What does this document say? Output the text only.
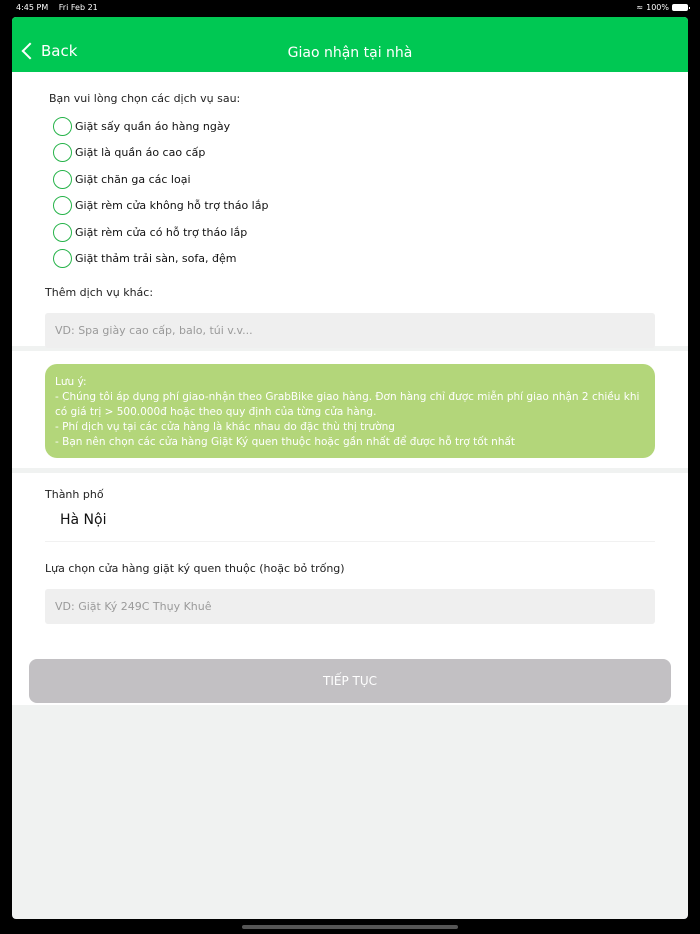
4:45 PM Fri Feb 21	≈ 100%
Back	Giao nhận tại nhà
Bạn vui lòng chọn các dịch vụ sau:
Giặt sấy quần áo hàng ngày
Giặt là quần áo cao cấp
Giặt chăn ga các loại
Giặt rèm cửa không hỗ trợ tháo lắp
Giặt rèm cửa có hỗ trợ tháo lắp
Giặt thảm trải sàn, sofa, đệm
Thêm dịch vụ khác:
VD: Spa giày cao cấp, balo, túi v.v...
Lưu ý:
- Chúng tôi áp dụng phí giao-nhận theo GrabBike giao hàng. Đơn hàng chỉ được miễn phí giao nhận 2 chiều khi có giá trị > 500.000đ hoặc theo quy định của từng cửa hàng.
- Phí dịch vụ tại các cửa hàng là khác nhau do đặc thù thị trường
- Bạn nên chọn các cửa hàng Giặt Ký quen thuộc hoặc gần nhất để được hỗ trợ tốt nhất
Thành phố
Hà Nội
Lựa chọn cửa hàng giặt ký quen thuộc (hoặc bỏ trống)
VD: Giặt Ký 249C Thụy Khuê
TIẾP TỤC
